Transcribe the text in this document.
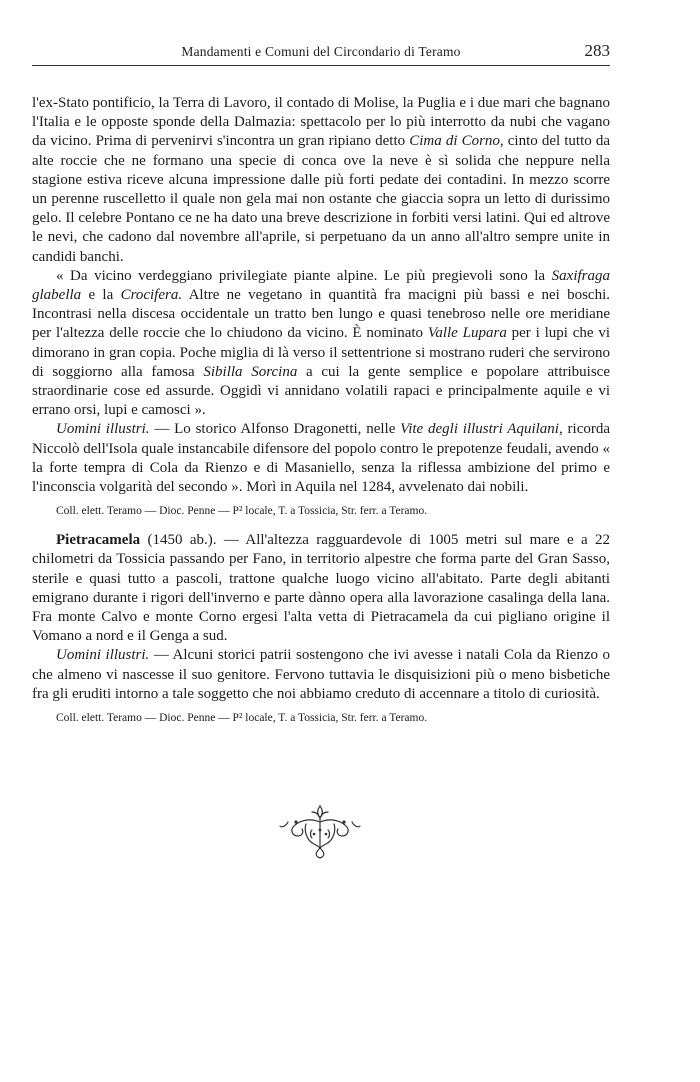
Mandamenti e Comuni del Circondario di Teramo	283

l'ex-Stato pontificio, la Terra di Lavoro, il contado di Molise, la Puglia e i due mari che bagnano l'Italia e le opposte sponde della Dalmazia: spettacolo per lo più interrotto da nubi che vagano da vicino. Prima di pervenirvi s'incontra un gran ripiano detto Cima di Corno, cinto del tutto da alte roccie che ne formano una specie di conca ove la neve è sì solida che neppure nella stagione estiva riceve alcuna impressione dalle più forti pedate dei contadini. In mezzo scorre un perenne ruscelletto il quale non gela mai non ostante che giaccia sopra un letto di durissimo gelo. Il celebre Pontano ce ne ha dato una breve descrizione in forbiti versi latini. Qui ed altrove le nevi, che cadono dal novembre all'aprile, si perpetuano da un anno all'altro sempre unite in candidi banchi.

« Da vicino verdeggiano privilegiate piante alpine. Le più pregievoli sono la Saxifraga glabella e la Crocifera. Altre ne vegetano in quantità fra macigni più bassi e nei boschi. Incontrasi nella discesa occidentale un tratto ben lungo e quasi tenebroso nelle ore meridiane per l'altezza delle roccie che lo chiudono da vicino. È nominato Valle Lupara per i lupi che vi dimorano in gran copia. Poche miglia di là verso il settentrione si mostrano ruderi che servirono di soggiorno alla famosa Sibilla Sorcina a cui la gente semplice e popolare attribuisce straordinarie cose ed assurde. Oggidì vi annidano volatili rapaci e principalmente aquile e vi errano orsi, lupi e camosci ».

Uomini illustri. — Lo storico Alfonso Dragonetti, nelle Vite degli illustri Aquilani, ricorda Niccolò dell'Isola quale instancabile difensore del popolo contro le prepotenze feudali, avendo « la forte tempra di Cola da Rienzo e di Masaniello, senza la riflessa ambizione del primo e l'inconscia volgarità del secondo ». Morì in Aquila nel 1284, avvelenato dai nobili.

Coll. elett. Teramo — Dioc. Penne — P² locale, T. a Tossicia, Str. ferr. a Teramo.

Pietracamela (1450 ab.). — All'altezza ragguardevole di 1005 metri sul mare e a 22 chilometri da Tossicia passando per Fano, in territorio alpestre che forma parte del Gran Sasso, sterile e quasi tutto a pascoli, trattone qualche luogo vicino all'abitato. Parte degli abitanti emigrano durante i rigori dell'inverno e parte dànno opera alla lavorazione casalinga della lana. Fra monte Calvo e monte Corno ergesi l'alta vetta di Pietracamela da cui pigliano origine il Vomano a nord e il Genga a sud.

Uomini illustri. — Alcuni storici patrii sostengono che ivi avesse i natali Cola da Rienzo o che almeno vi nascesse il suo genitore. Fervono tuttavia le disquisizioni più o meno bisbetiche fra gli eruditi intorno a tale soggetto che noi abbiamo creduto di accennare a titolo di curiosità.

Coll. elett. Teramo — Dioc. Penne — P² locale, T. a Tossicia, Str. ferr. a Teramo.
